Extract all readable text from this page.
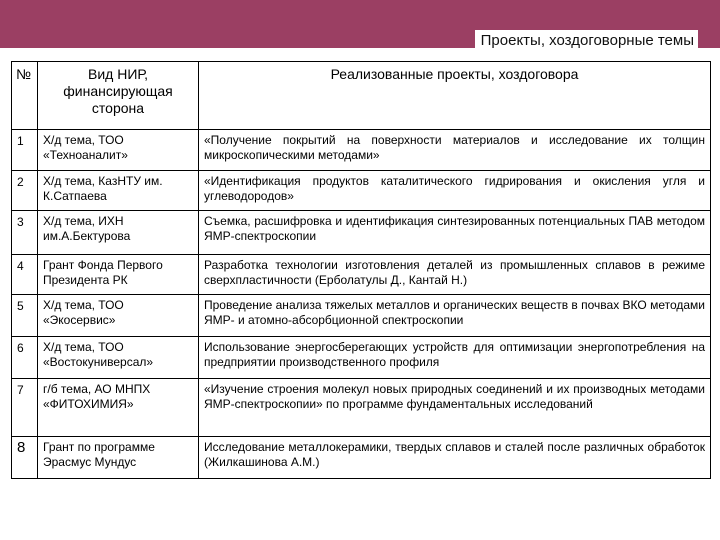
Проекты, хоздоговорные темы
№	Вид НИР, финансирующая сторона	Реализованные проекты, хоздоговора
1	Х/д тема, ТОО «Техноаналит»	«Получение покрытий на поверхности материалов и исследование их толщин микроскопическими методами»
2	Х/д тема, КазНТУ им. К.Сатпаева	«Идентификация продуктов каталитического гидрирования и окисления угля и углеводородов»
3	Х/д тема, ИХН им.А.Бектурова	Съемка, расшифровка и идентификация синтезированных потенциальных ПАВ методом ЯМР-спектроскопии
4	Грант Фонда Первого Президента РК	Разработка технологии изготовления деталей из промышленных сплавов в режиме сверхпластичности (Ерболатулы Д., Кантай Н.)
5	Х/д тема, ТОО «Экосервис»	Проведение анализа тяжелых металлов и органических веществ в почвах ВКО методами ЯМР- и атомно-абсорбционной спектроскопии
6	Х/д тема, ТОО «Востокуниверсал»	Использование энергосберегающих устройств для оптимизации энергопотребления на предприятии производственного профиля
7	г/б тема, АО МНПХ «ФИТОХИМИЯ»	«Изучение строения молекул новых природных соединений и их производных методами ЯМР-спектроскопии» по программе фундаментальных исследований
8	Грант по программе Эрасмус Мундус	Исследование металлокерамики, твердых сплавов и сталей после различных обработок (Жилкашинова А.М.)
